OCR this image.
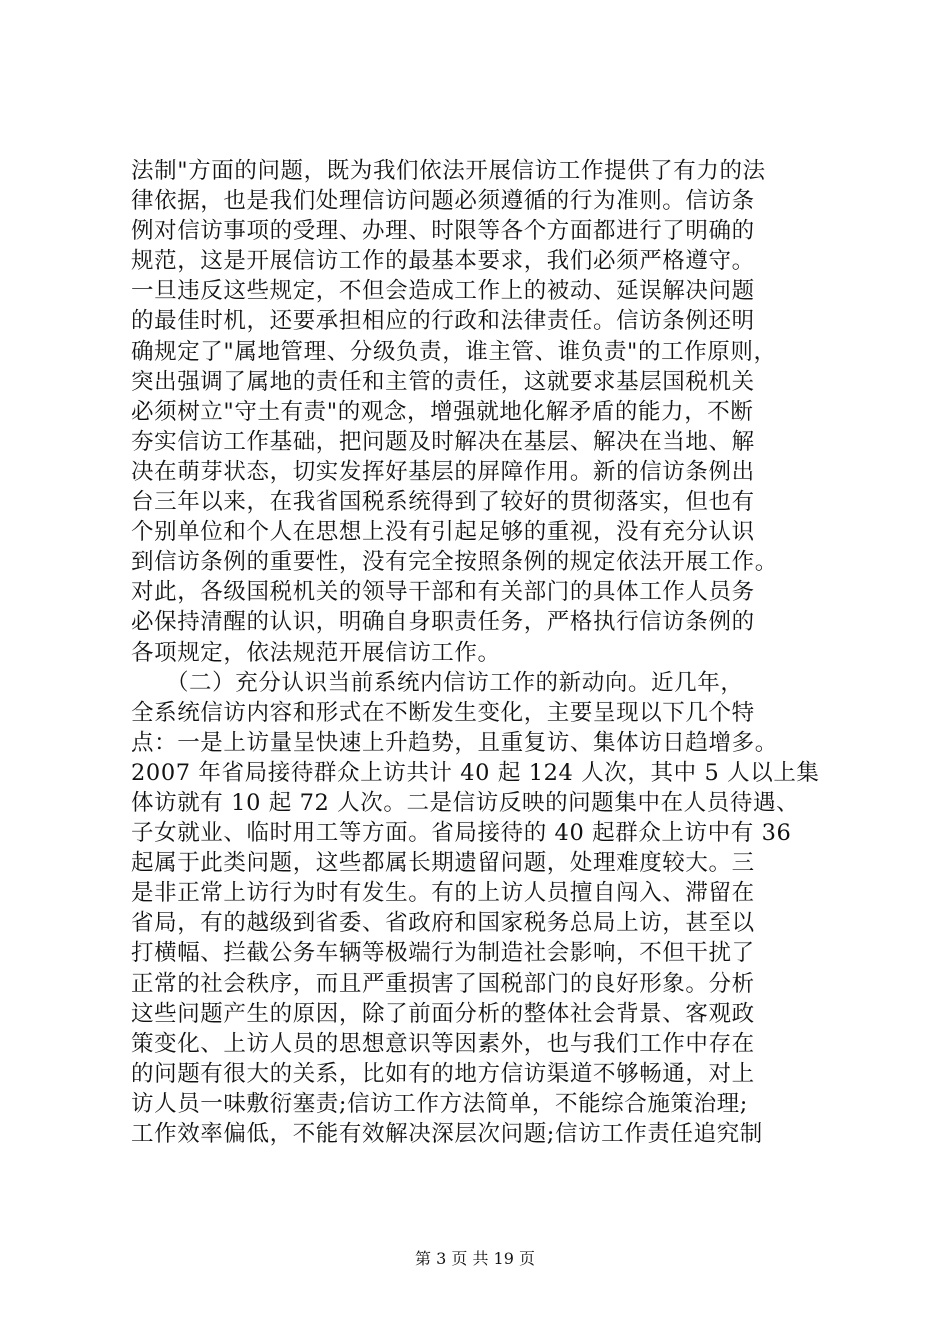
法制"方面的问题，既为我们依法开展信访工作提供了有力的法
律依据，也是我们处理信访问题必须遵循的行为准则。信访条
例对信访事项的受理、办理、时限等各个方面都进行了明确的
规范，这是开展信访工作的最基本要求，我们必须严格遵守。
一旦违反这些规定，不但会造成工作上的被动、延误解决问题
的最佳时机，还要承担相应的行政和法律责任。信访条例还明
确规定了"属地管理、分级负责，谁主管、谁负责"的工作原则，
突出强调了属地的责任和主管的责任，这就要求基层国税机关
必须树立"守土有责"的观念，增强就地化解矛盾的能力，不断
夯实信访工作基础，把问题及时解决在基层、解决在当地、解
决在萌芽状态，切实发挥好基层的屏障作用。新的信访条例出
台三年以来，在我省国税系统得到了较好的贯彻落实，但也有
个别单位和个人在思想上没有引起足够的重视，没有充分认识
到信访条例的重要性，没有完全按照条例的规定依法开展工作。
对此，各级国税机关的领导干部和有关部门的具体工作人员务
必保持清醒的认识，明确自身职责任务，严格执行信访条例的
各项规定，依法规范开展信访工作。
　　（二）充分认识当前系统内信访工作的新动向。近几年，
全系统信访内容和形式在不断发生变化，主要呈现以下几个特
点：一是上访量呈快速上升趋势，且重复访、集体访日趋增多。
2007 年省局接待群众上访共计 40 起 124 人次，其中 5 人以上集
体访就有 10 起 72 人次。二是信访反映的问题集中在人员待遇、
子女就业、临时用工等方面。省局接待的 40 起群众上访中有 36
起属于此类问题，这些都属长期遗留问题，处理难度较大。三
是非正常上访行为时有发生。有的上访人员擅自闯入、滞留在
省局，有的越级到省委、省政府和国家税务总局上访，甚至以
打横幅、拦截公务车辆等极端行为制造社会影响，不但干扰了
正常的社会秩序，而且严重损害了国税部门的良好形象。分析
这些问题产生的原因，除了前面分析的整体社会背景、客观政
策变化、上访人员的思想意识等因素外，也与我们工作中存在
的问题有很大的关系，比如有的地方信访渠道不够畅通，对上
访人员一味敷衍塞责;信访工作方法简单，不能综合施策治理;
工作效率偏低，不能有效解决深层次问题;信访工作责任追究制
第 3 页 共 19 页
